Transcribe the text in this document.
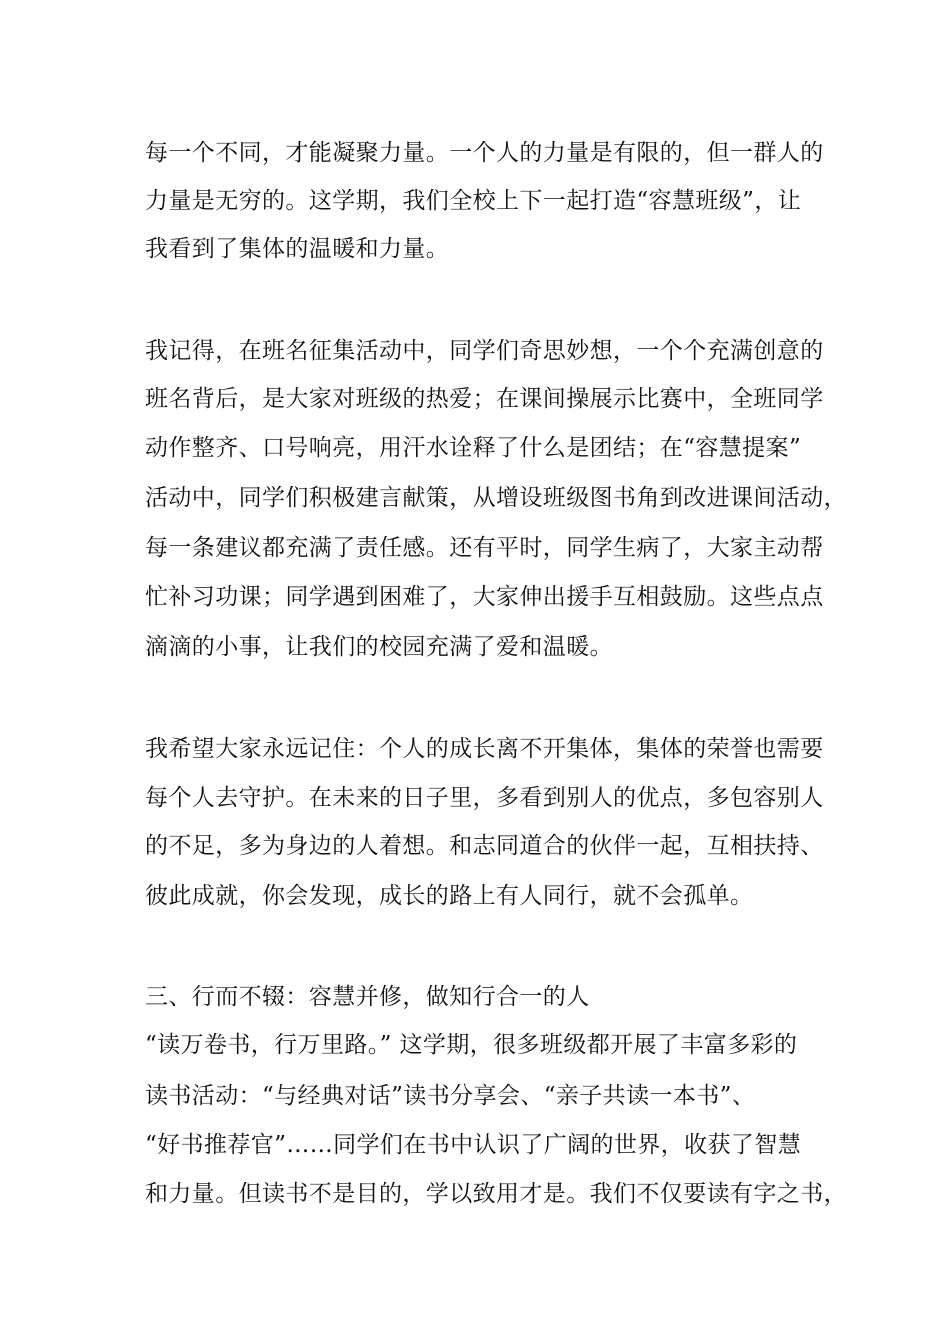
每一个不同，才能凝聚力量。一个人的力量是有限的，但一群人的
力量是无穷的。这学期，我们全校上下一起打造“容慧班级”，让
我看到了集体的温暖和力量。
我记得，在班名征集活动中，同学们奇思妙想，一个个充满创意的
班名背后，是大家对班级的热爱；在课间操展示比赛中，全班同学
动作整齐、口号响亮，用汗水诠释了什么是团结；在“容慧提案”
活动中，同学们积极建言献策，从增设班级图书角到改进课间活动，
每一条建议都充满了责任感。还有平时，同学生病了，大家主动帮
忙补习功课；同学遇到困难了，大家伸出援手互相鼓励。这些点点
滴滴的小事，让我们的校园充满了爱和温暖。
我希望大家永远记住：个人的成长离不开集体，集体的荣誉也需要
每个人去守护。在未来的日子里，多看到别人的优点，多包容别人
的不足，多为身边的人着想。和志同道合的伙伴一起，互相扶持、
彼此成就，你会发现，成长的路上有人同行，就不会孤单。
三、行而不辍：容慧并修，做知行合一的人
“读万卷书，行万里路。” 这学期，很多班级都开展了丰富多彩的
读书活动：“与经典对话”读书分享会、“亲子共读一本书”、
“好书推荐官”……同学们在书中认识了广阔的世界，收获了智慧
和力量。但读书不是目的，学以致用才是。我们不仅要读有字之书，
